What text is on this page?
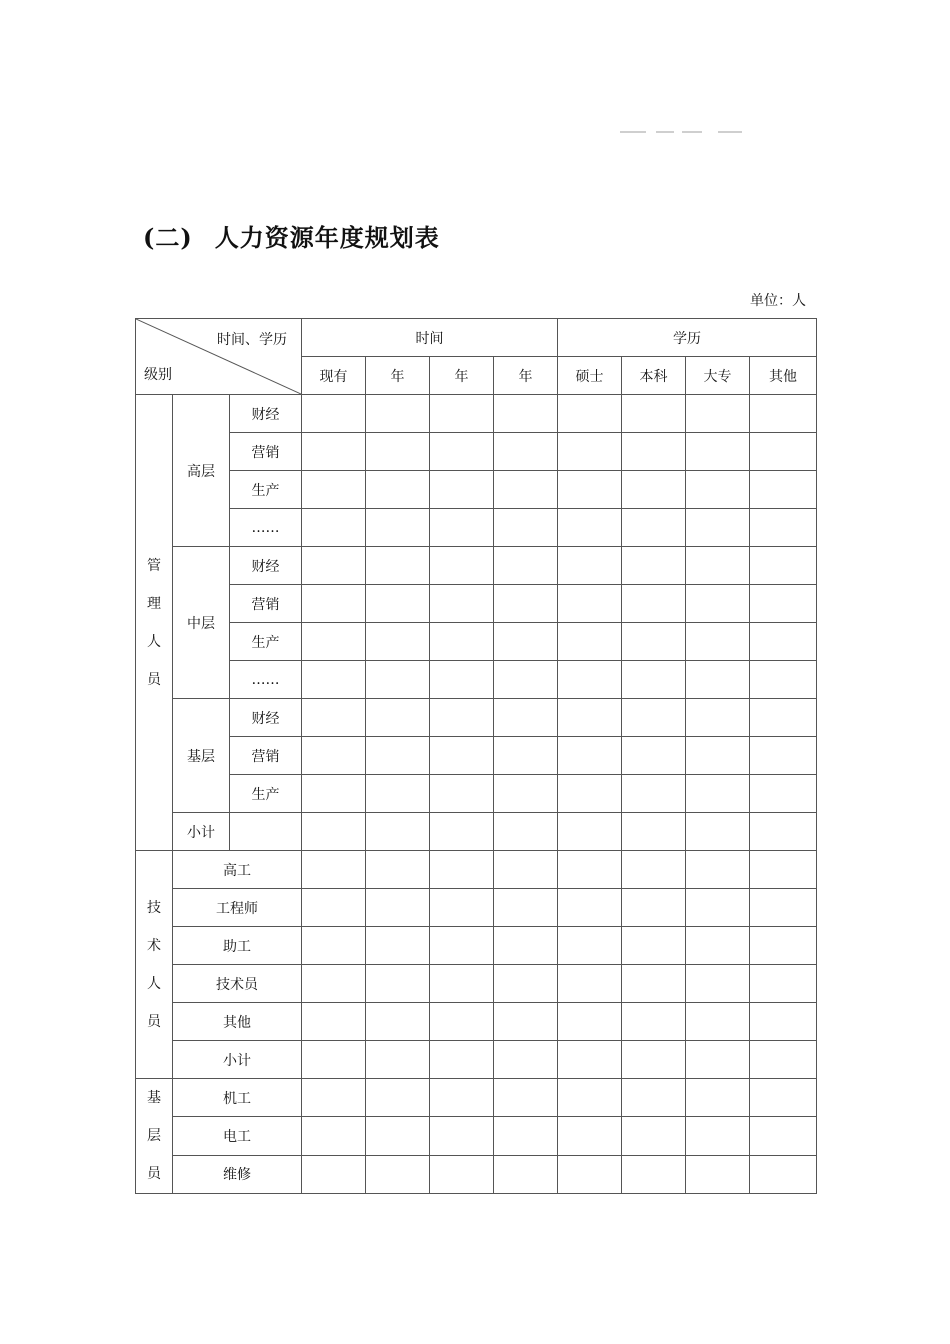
(二) 人力资源年度规划表
单位：人
时间、学历
级别			时间				学历			
			现有	年	年	年	硕士	本科	大专	其他

管
理
人
员	高层	财经								
		营销								
		生产								
		……								
	中层	财经								
		营销								
		生产								
		……								
	基层	财经								
		营销								
		生产								
	小计									

技
术
人
员	高工									
	工程师									
	助工									
	技术员									
	其他									
	小计									

基
层
员	机工									
	电工									
	维修									
